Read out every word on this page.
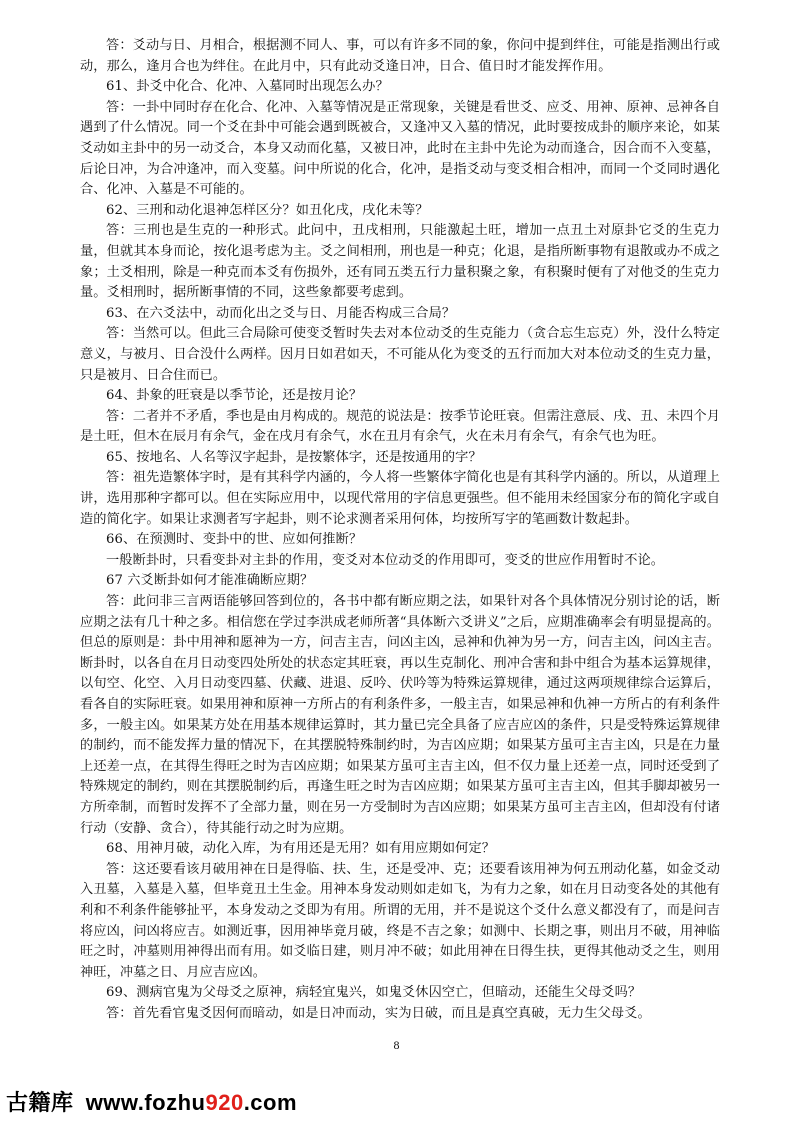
答：爻动与日、月相合，根据测不同人、事，可以有许多不同的象，你问中提到绊住，可能是指测出行或动，那么，逢月合也为绊住。在此月中，只有此动爻逢日冲，日合、值日时才能发挥作用。

61、卦爻中化合、化冲、入墓同时出现怎么办？

答：一卦中同时存在化合、化冲、入墓等情况是正常现象，关键是看世爻、应爻、用神、原神、忌神各自遇到了什么情况。同一个爻在卦中可能会遇到既被合，又逢冲又入墓的情况，此时要按成卦的顺序来论，如某爻动如主卦中的另一动爻合，本身又动而化墓，又被日冲，此时在主卦中先论为动而逢合，因合而不入变墓，后论日冲，为合冲逢冲，而入变墓。问中所说的化合，化冲，是指爻动与变爻相合相冲，而同一个爻同时遇化合、化冲、入墓是不可能的。

62、三刑和动化退神怎样区分？如丑化戌，戌化未等？

答：三刑也是生克的一种形式。此问中，丑戌相刑，只能激起土旺，增加一点丑土对原卦它爻的生克力量，但就其本身而论，按化退考虑为主。爻之间相刑，刑也是一种克；化退，是指所断事物有退散或办不成之象；土爻相刑，除是一种克而本爻有伤损外，还有同五类五行力量积聚之象，有积聚时便有了对他爻的生克力量。爻相刑时，据所断事情的不同，这些象都要考虑到。

63、在六爻法中，动而化出之爻与日、月能否构成三合局？

答：当然可以。但此三合局除可使变爻暂时失去对本位动爻的生克能力（贪合忘生忘克）外，没什么特定意义，与被月、日合没什么两样。因月日如君如天，不可能从化为变爻的五行而加大对本位动爻的生克力量，只是被月、日合住而已。

64、卦象的旺衰是以季节论，还是按月论？

答：二者并不矛盾，季也是由月构成的。规范的说法是：按季节论旺衰。但需注意辰、戌、丑、未四个月是土旺，但木在辰月有余气，金在戌月有余气，水在丑月有余气，火在未月有余气，有余气也为旺。

65、按地名、人名等汉字起卦，是按繁体字，还是按通用的字？

答：祖先造繁体字时，是有其科学内涵的，今人将一些繁体字简化也是有其科学内涵的。所以，从道理上讲，选用那种字都可以。但在实际应用中，以现代常用的字信息更强些。但不能用未经国家分布的简化字或自造的简化字。如果让求测者写字起卦，则不论求测者采用何体，均按所写字的笔画数计数起卦。

66、在预测时、变卦中的世、应如何推断？

一般断卦时，只看变卦对主卦的作用，变爻对本位动爻的作用即可，变爻的世应作用暂时不论。

67 六爻断卦如何才能准确断应期？

答：此问非三言两语能够回答到位的，各书中都有断应期之法，如果针对各个具体情况分别讨论的话，断应期之法有几十种之多。相信您在学过李洪成老师所著“具体断六爻讲义”之后，应期准确率会有明显提高的。但总的原则是：卦中用神和愿神为一方，问吉主吉，问凶主凶，忌神和仇神为另一方，问吉主凶，问凶主吉。断卦时，以各自在月日动变四处所处的状态定其旺衰，再以生克制化、刑冲合害和卦中组合为基本运算规律，以旬空、化空、入月日动变四墓、伏藏、进退、反吟、伏吟等为特殊运算规律，通过这两项规律综合运算后，看各自的实际旺衰。如果用神和原神一方所占的有利条件多，一般主吉，如果忌神和仇神一方所占的有利条件多，一般主凶。如果某方处在用基本规律运算时，其力量已完全具备了应吉应凶的条件，只是受特殊运算规律的制约，而不能发挥力量的情况下，在其摆脱特殊制约时，为吉凶应期；如果某方虽可主吉主凶，只是在力量上还差一点，在其得生得旺之时为吉凶应期；如果某方虽可主吉主凶，但不仅力量上还差一点，同时还受到了特殊规定的制约，则在其摆脱制约后，再逢生旺之时为吉凶应期；如果某方虽可主吉主凶，但其手脚却被另一方所牵制，而暂时发挥不了全部力量，则在另一方受制时为吉凶应期；如果某方虽可主吉主凶，但却没有付诸行动（安静、贪合），待其能行动之时为应期。

68、用神月破，动化入库，为有用还是无用？如有用应期如何定？

答：这还要看该月破用神在日是得临、扶、生，还是受冲、克；还要看该用神为何五刑动化墓，如金爻动入丑墓，入墓是入墓，但毕竟丑土生金。用神本身发动则如走如飞，为有力之象，如在月日动变各处的其他有利和不利条件能够扯平，本身发动之爻即为有用。所谓的无用，并不是说这个爻什么意义都没有了，而是问吉将应凶，问凶将应吉。如测近事，因用神毕竟月破，终是不吉之象；如测中、长期之事，则出月不破，用神临旺之时，冲墓则用神得出而有用。如爻临日建，则月冲不破；如此用神在日得生扶，更得其他动爻之生，则用神旺，冲墓之日、月应吉应凶。

69、测病官鬼为父母爻之原神，病轻宜鬼兴，如鬼爻休囚空亡，但暗动，还能生父母爻吗？

答：首先看官鬼爻因何而暗动，如是日冲而动，实为日破，而且是真空真破，无力生父母爻。

8
古籍库 www.fozhu920.com
